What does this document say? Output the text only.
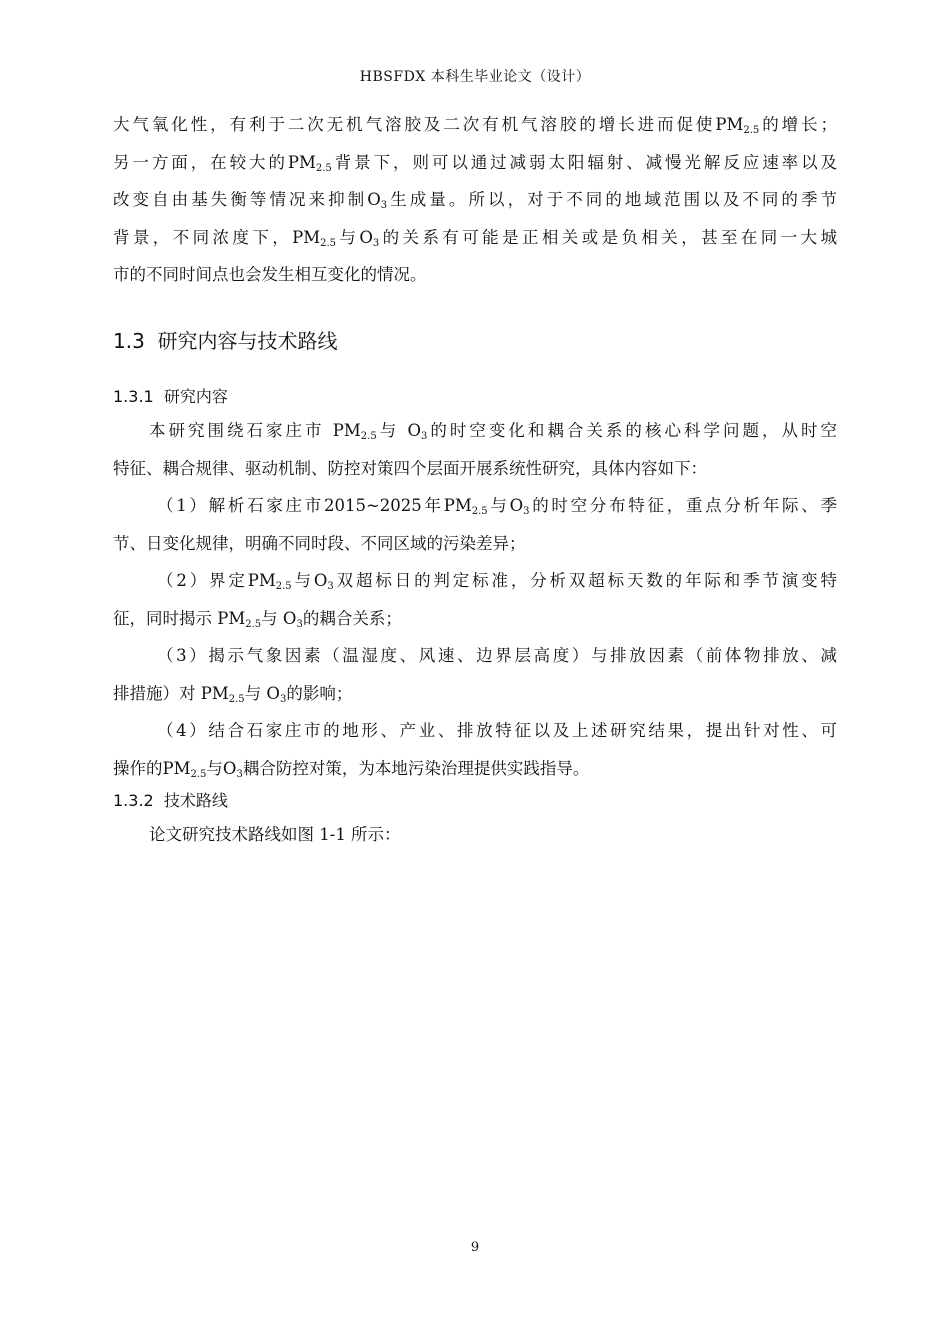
HBSFDX 本科生毕业论文（设计）
大气氧化性，有利于二次无机气溶胶及二次有机气溶胶的增长进而促使$PM_{2.5}$的增长；
另一方面，在较大的$PM_{2.5}$背景下，则可以通过减弱太阳辐射、减慢光解反应速率以及
改变自由基失衡等情况来抑制$O_3$生成量。所以，对于不同的地域范围以及不同的季节
背景，不同浓度下，$PM_{2.5}$与$O_3$的关系有可能是正相关或是负相关，甚至在同一大城
市的不同时间点也会发生相互变化的情况。
1.3 研究内容与技术路线
1.3.1 研究内容
本研究围绕石家庄市 $PM_{2.5}$与 $O_3$的时空变化和耦合关系的核心科学问题，从时空
特征、耦合规律、驱动机制、防控对策四个层面开展系统性研究，具体内容如下：
（1）解析石家庄市2015~2025年$PM_{2.5}$与$O_3$的时空分布特征，重点分析年际、季
节、日变化规律，明确不同时段、不同区域的污染差异；
（2）界定$PM_{2.5}$与$O_3$双超标日的判定标准，分析双超标天数的年际和季节演变特
征，同时揭示 $PM_{2.5}$与 $O_3$的耦合关系；
（3）揭示气象因素（温湿度、风速、边界层高度）与排放因素（前体物排放、减
排措施）对 $PM_{2.5}$与 $O_3$的影响；
（4）结合石家庄市的地形、产业、排放特征以及上述研究结果，提出针对性、可
操作的$PM_{2.5}$与$O_3$耦合防控对策，为本地污染治理提供实践指导。
1.3.2 技术路线
论文研究技术路线如图 1-1 所示：
9
